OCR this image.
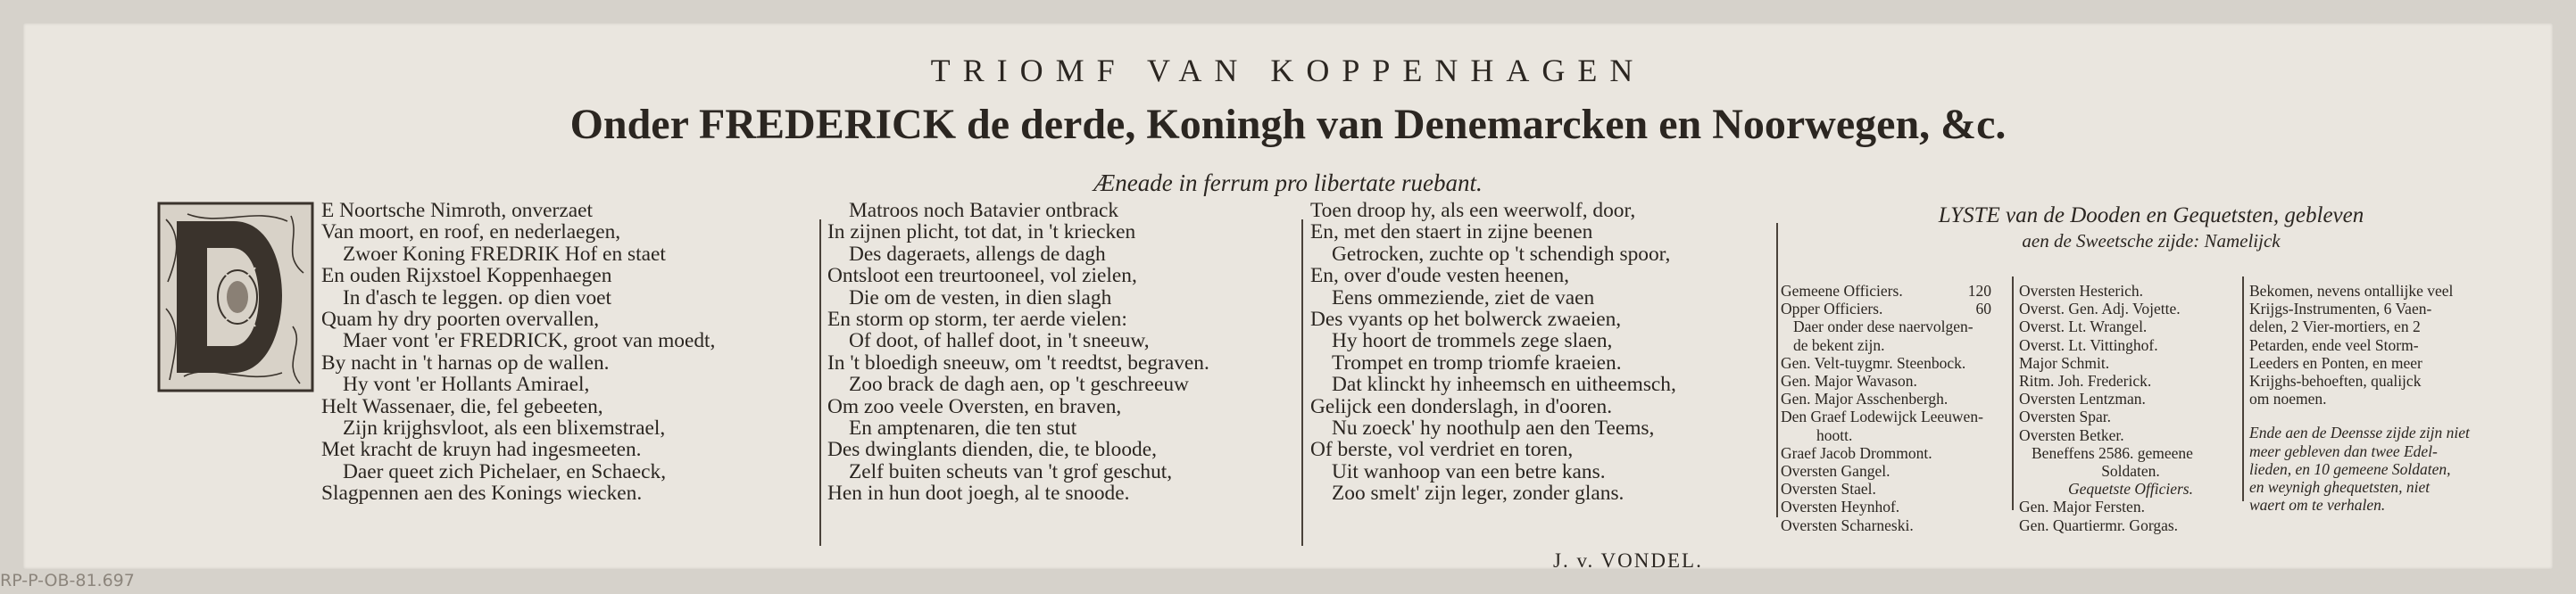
TRIOMF VAN KOPPENHAGEN
Onder FREDERICK de derde, Koningh van Denemarcken en Noorwegen, &c.
Æneade in ferrum pro libertate ruebant.
D	E Noortsche Nimroth, onverzaet
Van moort, en roof, en nederlaegen,
Zwoer Koning FREDRIK Hof en staet
En ouden Rijxstoel Koppenhaegen
In d'asch te leggen. op dien voet
Quam hy dry poorten overvallen,
Maer vont 'er FREDRICK, groot van moedt,
By nacht in 't harnas op de wallen.
Hy vont 'er Hollants Amirael,
Helt Wassenaer, die, fel gebeeten,
Zijn krijghsvloot, als een blixemstrael,
Met kracht de kruyn had ingesmeeten.
Daer queet zich Pichelaer, en Schaeck,
Slagpennen aen des Konings wiecken.
Matroos noch Batavier ontbrack
In zijnen plicht, tot dat, in 't kriecken
Des dageraets, allengs de dagh
Ontsloot een treurtooneel, vol zielen,
Die om de vesten, in dien slagh
En storm op storm, ter aerde vielen:
Of doot, of hallef doot, in 't sneeuw,
In 't bloedigh sneeuw, om 't reedtst, begraven.
Zoo brack de dagh aen, op 't geschreeuw
Om zoo veele Oversten, en braven,
En amptenaren, die ten stut
Des dwinglants dienden, die, te bloode,
Zelf buiten scheuts van 't grof geschut,
Hen in hun doot joegh, al te snoode.
Toen droop hy, als een weerwolf, door,
En, met den staert in zijne beenen
Getrocken, zuchte op 't schendigh spoor,
En, over d'oude vesten heenen,
Eens ommeziende, ziet de vaen
Des vyants op het bolwerck zwaeien,
Hy hoort de trommels zege slaen,
Trompet en tromp triomfe kraeien.
Dat klinckt hy inheemsch en uitheemsch,
Gelijck een donderslagh, in d'ooren.
Nu zoeck' hy noothulp aen den Teems,
Of berste, vol verdriet en toren,
Uit wanhoop van een betre kans.
Zoo smelt' zijn leger, zonder glans.
J. v. VONDEL.
LYSTE van de Dooden en Gequetsten, gebleven
aen de Sweetsche zijde: Namelijck
Gemeene Officiers.	120
Opper Officiers.	60
Daer onder dese naervolgen-
de bekent zijn.
Gen. Velt-tuygmr. Steenbock.
Gen. Major Wavason.
Gen. Major Asschenbergh.
Den Graef Lodewijck Leeuwen-
hoott.
Graef Jacob Drommont.
Oversten Gangel.
Oversten Stael.
Oversten Heynhof.
Oversten Scharneski.
Oversten Hesterich.
Overst. Gen. Adj. Vojette.
Overst. Lt. Wrangel.
Overst. Lt. Vittinghof.
Major Schmit.
Ritm. Joh. Frederick.
Oversten Lentzman.
Oversten Spar.
Oversten Betker.
Beneffens 2586. gemeene
Soldaten.
Gequetste Officiers.
Gen. Major Fersten.
Gen. Quartiermr. Gorgas.
Bekomen, nevens ontallijke veel
Krijgs-Instrumenten, 6 Vaen-
delen, 2 Vier-mortiers, en 2
Petarden, ende veel Storm-
Leeders en Ponten, en meer
Krijghs-behoeften, qualijck
om noemen.
Ende aen de Deensse zijde zijn niet
meer gebleven dan twee Edel-
lieden, en 10 gemeene Soldaten,
en weynigh ghequetsten, niet
waert om te verhalen.
RP-P-OB-81.697
